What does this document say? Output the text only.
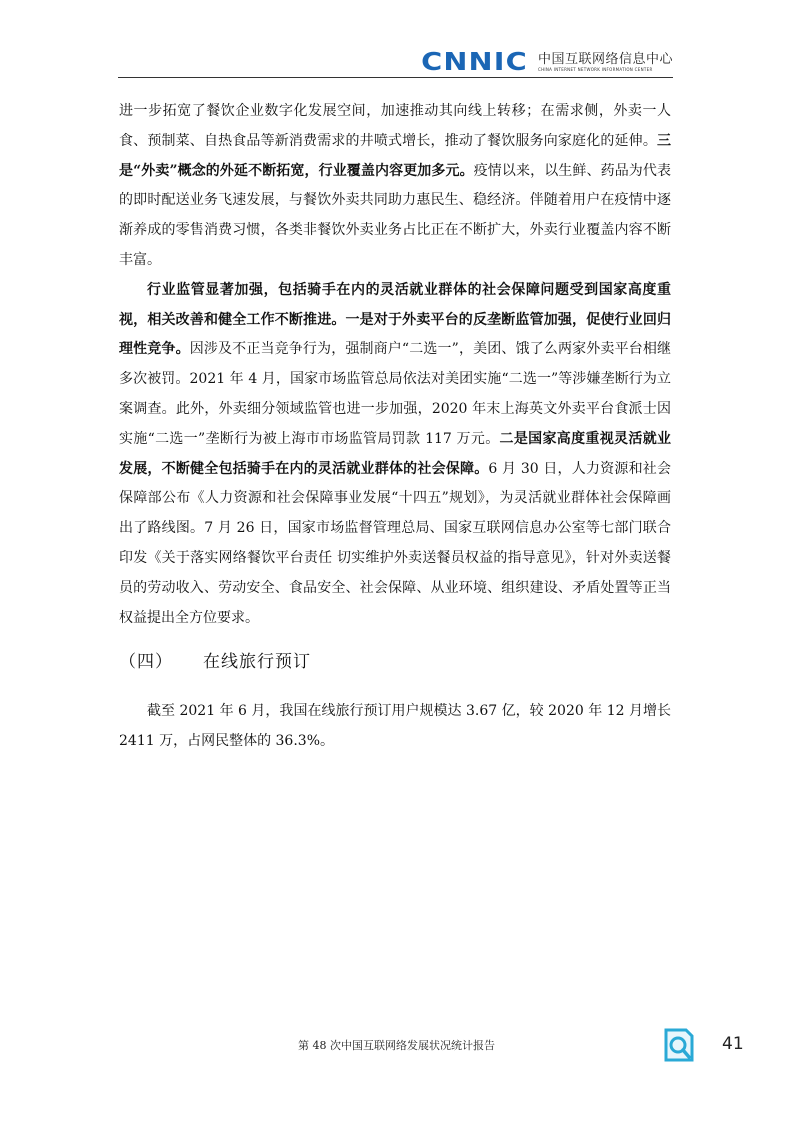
CNNIC 中国互联网络信息中心
CHINA INTERNET NETWORK INFORMATION CENTER

进一步拓宽了餐饮企业数字化发展空间，加速推动其向线上转移；在需求侧，外卖一人食、预制菜、自热食品等新消费需求的井喷式增长，推动了餐饮服务向家庭化的延伸。三是“外卖”概念的外延不断拓宽，行业覆盖内容更加多元。疫情以来，以生鲜、药品为代表的即时配送业务飞速发展，与餐饮外卖共同助力惠民生、稳经济。伴随着用户在疫情中逐渐养成的零售消费习惯，各类非餐饮外卖业务占比正在不断扩大，外卖行业覆盖内容不断丰富。

行业监管显著加强，包括骑手在内的灵活就业群体的社会保障问题受到国家高度重视，相关改善和健全工作不断推进。一是对于外卖平台的反垄断监管加强，促使行业回归理性竞争。因涉及不正当竞争行为，强制商户“二选一”，美团、饿了么两家外卖平台相继多次被罚。2021 年 4 月，国家市场监管总局依法对美团实施“二选一”等涉嫌垄断行为立案调查。此外，外卖细分领域监管也进一步加强，2020 年末上海英文外卖平台食派士因实施“二选一”垄断行为被上海市市场监管局罚款 117 万元。二是国家高度重视灵活就业发展，不断健全包括骑手在内的灵活就业群体的社会保障。6 月 30 日，人力资源和社会保障部公布《人力资源和社会保障事业发展“十四五”规划》，为灵活就业群体社会保障画出了路线图。7 月 26 日，国家市场监督管理总局、国家互联网信息办公室等七部门联合印发《关于落实网络餐饮平台责任 切实维护外卖送餐员权益的指导意见》，针对外卖送餐员的劳动收入、劳动安全、食品安全、社会保障、从业环境、组织建设、矛盾处置等正当权益提出全方位要求。

（四） 在线旅行预订

截至 2021 年 6 月，我国在线旅行预订用户规模达 3.67 亿，较 2020 年 12 月增长 2411 万，占网民整体的 36.3%。

第 48 次中国互联网络发展状况统计报告	41
